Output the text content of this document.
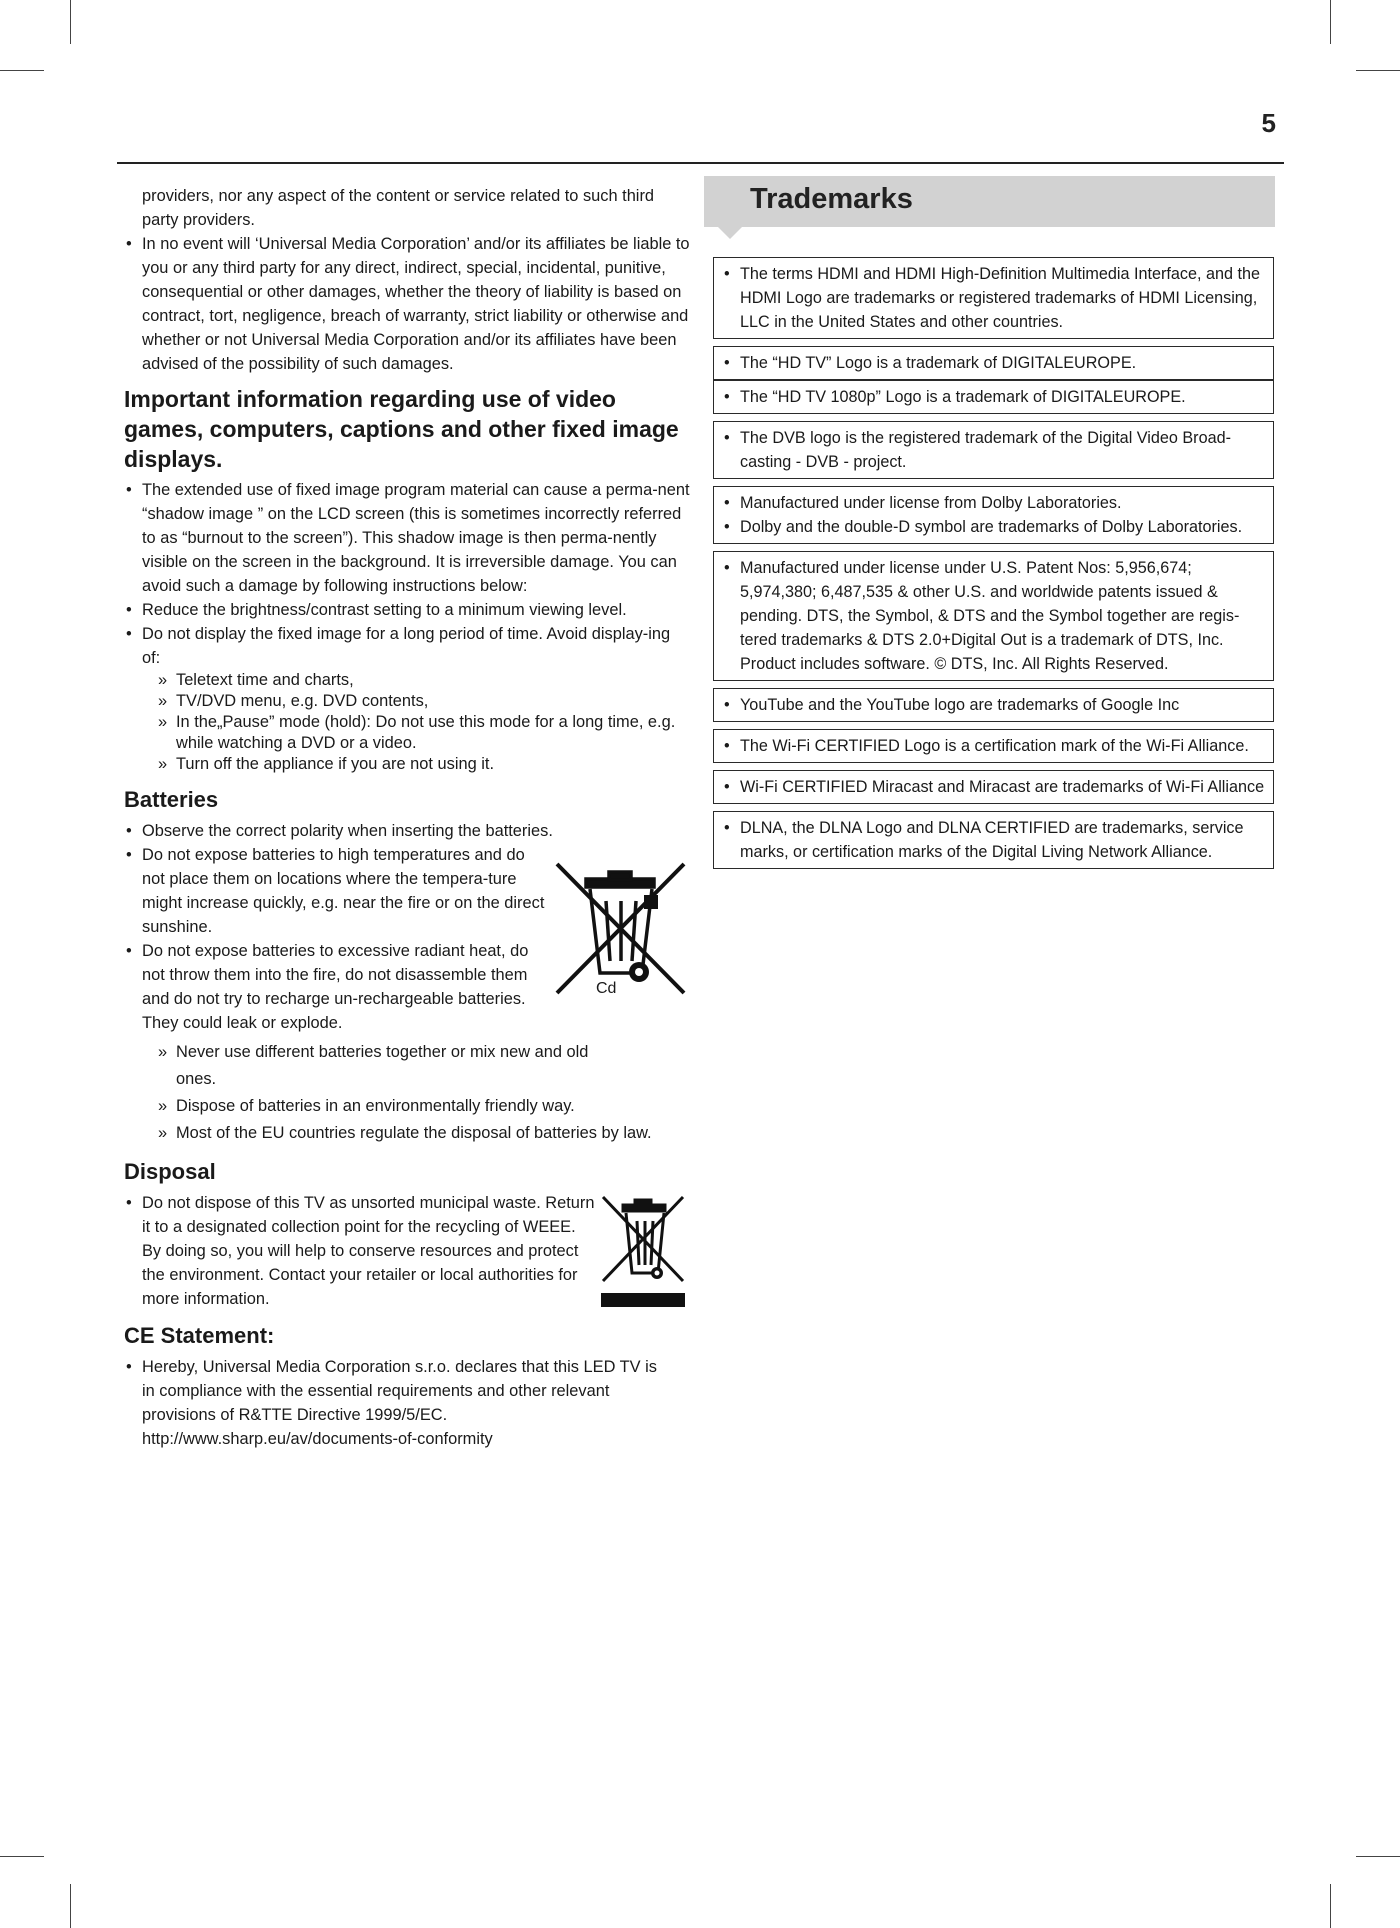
5

providers, nor any aspect of the content or service related to such third party providers.

• In no event will ‘Universal Media Corporation’ and/or its affiliates be liable to you or any third party for any direct, indirect, special, incidental, punitive, consequential or other damages, whether the theory of liability is based on contract, tort, negligence, breach of warranty, strict liability or otherwise and whether or not Universal Media Corporation and/or its affiliates have been advised of the possibility of such damages.
Important information regarding use of video games, computers, captions and other fixed image displays.
• The extended use of fixed image program material can cause a perma-nent “shadow image ” on the LCD screen (this is sometimes incorrectly referred to as “burnout to the screen”). This shadow image is then perma-nently visible on the screen in the background. It is irreversible damage. You can avoid such a damage by following instructions below:
• Reduce the brightness/contrast setting to a minimum viewing level.
• Do not display the fixed image for a long period of time. Avoid display-ing of:
» Teletext time and charts,
» TV/DVD menu, e.g. DVD contents,
» In the„Pause” mode (hold): Do not use this mode for a long time, e.g. while watching a DVD or a video.
» Turn off the appliance if you are not using it.
Batteries
• Observe the correct polarity when inserting the batteries.
• Do not expose batteries to high temperatures and do not place them on locations where the tempera-ture might increase quickly, e.g. near the fire or on the direct sunshine.
• Do not expose batteries to excessive radiant heat, do not throw them into the fire, do not disassemble them and do not try to recharge un-rechargeable batteries. They could leak or explode.
Cd
» Never use different batteries together or mix new and old ones.
» Dispose of batteries in an environmentally friendly way.
» Most of the EU countries regulate the disposal of batteries by law.
Disposal
• Do not dispose of this TV as unsorted municipal waste. Return it to a designated collection point for the recycling of WEEE. By doing so, you will help to conserve resources and protect the environment. Contact your retailer or local authorities for more information.
CE Statement:
• Hereby, Universal Media Corporation s.r.o. declares that this LED TV is in compliance with the essential requirements and other relevant provisions of R&TTE Directive 1999/5/EC. http://www.sharp.eu/av/documents-of-conformity
Trademarks
• The terms HDMI and HDMI High-Definition Multimedia Interface, and the HDMI Logo are trademarks or registered trademarks of HDMI Licensing, LLC in the United States and other countries.
• The “HD TV” Logo is a trademark of DIGITALEUROPE.
• The “HD TV 1080p” Logo is a trademark of DIGITALEUROPE.
• The DVB logo is the registered trademark of the Digital Video Broad-casting - DVB - project.
• Manufactured under license from Dolby Laboratories.
• Dolby and the double-D symbol are trademarks of Dolby Laboratories.
• Manufactured under license under U.S. Patent Nos: 5,956,674; 5,974,380; 6,487,535 & other U.S. and worldwide patents issued & pending. DTS, the Symbol, & DTS and the Symbol together are regis-tered trademarks & DTS 2.0+Digital Out is a trademark of DTS, Inc. Product includes software. © DTS, Inc. All Rights Reserved.
• YouTube and the YouTube logo are trademarks of Google Inc
• The Wi-Fi CERTIFIED Logo is a certification mark of the Wi-Fi Alliance.
• Wi-Fi CERTIFIED Miracast and Miracast are trademarks of Wi-Fi Alliance
• DLNA, the DLNA Logo and DLNA CERTIFIED are trademarks, service marks, or certification marks of the Digital Living Network Alliance.
